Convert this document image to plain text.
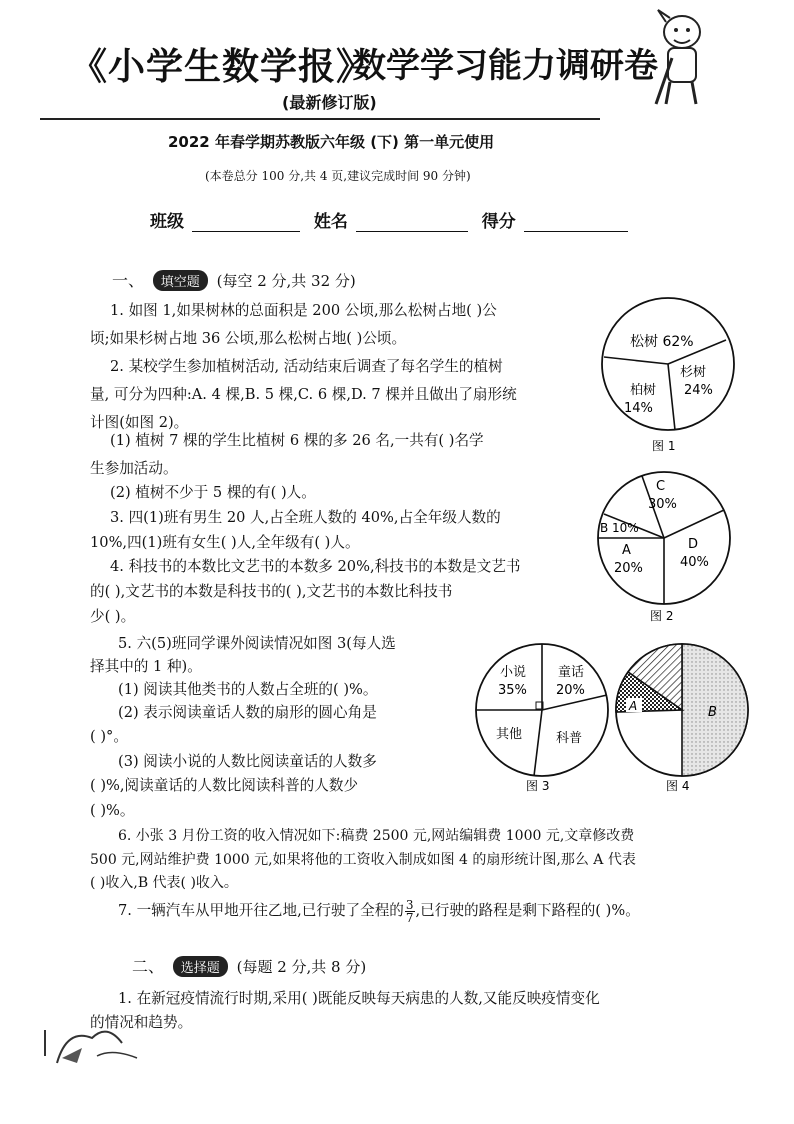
《小学生数学报》
数学学习能力调研卷
(最新修订版)
2022 年春学期苏教版六年级 (下) 第一单元使用
(本卷总分 100 分,共 4 页,建议完成时间 90 分钟)
班级	姓名	得分
一、 填空题 (每空 2 分,共 32 分)
1. 如图 1,如果树林的总面积是 200 公顷,那么松树占地( )公
顷;如果杉树占地 36 公顷,那么松树占地( )公顷。
2. 某校学生参加植树活动, 活动结束后调查了每名学生的植树
量, 可分为四种:A. 4 棵,B. 5 棵,C. 6 棵,D. 7 棵并且做出了扇形统
计图(如图 2)。
(1) 植树 7 棵的学生比植树 6 棵的多 26 名,一共有( )名学
生参加活动。
(2) 植树不少于 5 棵的有( )人。
3. 四(1)班有男生 20 人,占全班人数的 40%,占全年级人数的
10%,四(1)班有女生( )人,全年级有( )人。
4. 科技书的本数比文艺书的本数多 20%,科技书的本数是文艺书
的( ),文艺书的本数是科技书的( ),文艺书的本数比科技书
少( )。
5. 六(5)班同学课外阅读情况如图 3(每人选
择其中的 1 种)。
(1) 阅读其他类书的人数占全班的( )%。
(2) 表示阅读童话人数的扇形的圆心角是
( )°。
(3) 阅读小说的人数比阅读童话的人数多
( )%,阅读童话的人数比阅读科普的人数少
( )%。
6. 小张 3 月份工资的收入情况如下:稿费 2500 元,网站编辑费 1000 元,文章修改费
500 元,网站维护费 1000 元,如果将他的工资收入制成如图 4 的扇形统计图,那么 A 代表
( )收入,B 代表( )收入。
7. 一辆汽车从甲地开往乙地,已行驶了全程的 $\frac{3}{7}$ ,已行驶的路程是剩下路程的( )%。
二、 选择题 (每题 2 分,共 8 分)
1. 在新冠疫情流行时期,采用( )既能反映每天病患的人数,又能反映疫情变化
的情况和趋势。
松树 62%
杉树
24%
柏树
14%
图 1
C
30%
D
40%
A
20%
B 10%
图 2
小说
35%
童话
20%
科普
其他
图 3
A	B
图 4
